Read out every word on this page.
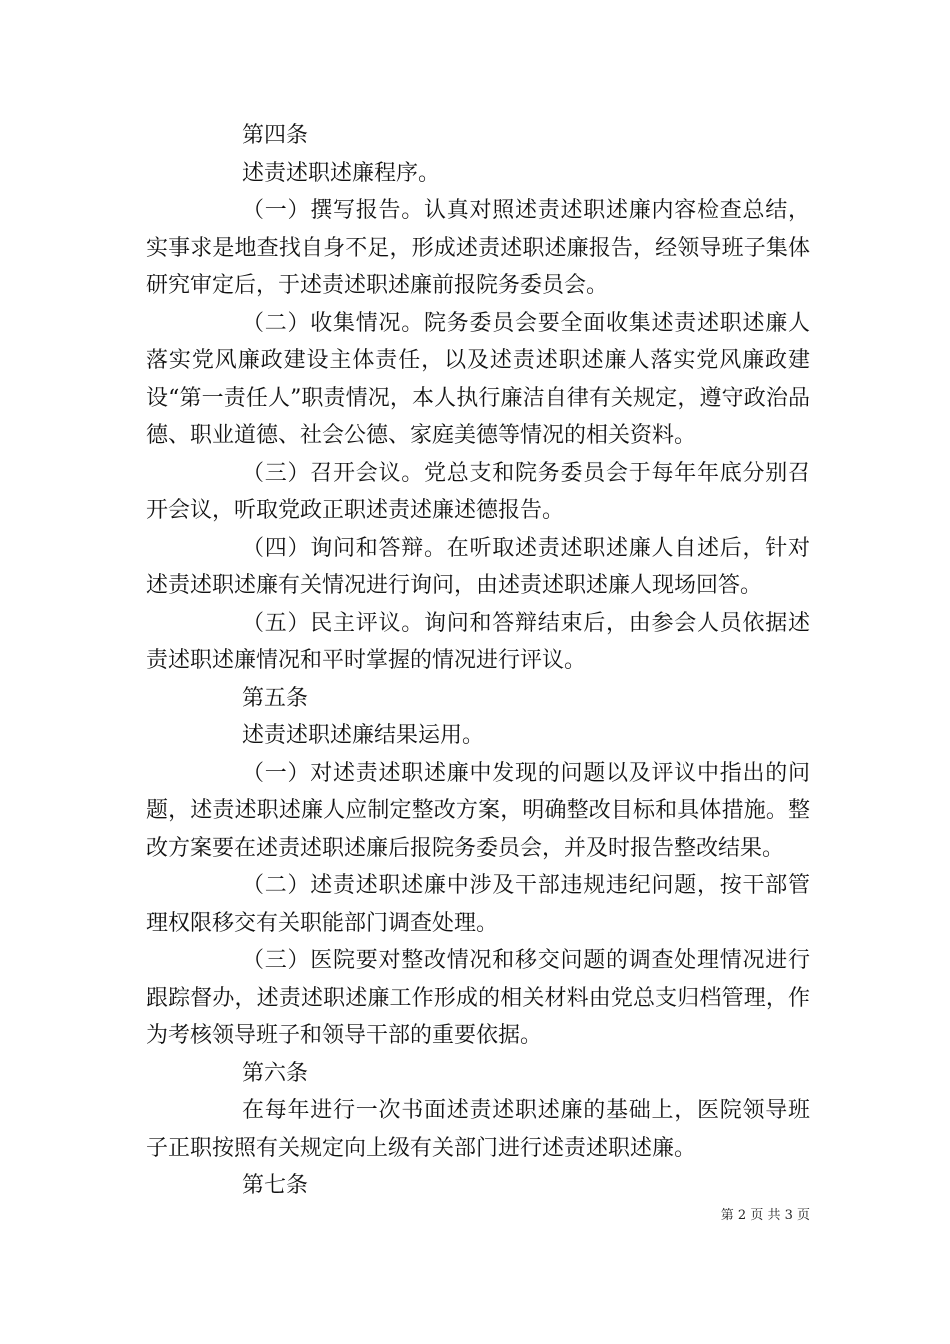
第四条

述责述职述廉程序。

（一）撰写报告。认真对照述责述职述廉内容检查总结，实事求是地查找自身不足，形成述责述职述廉报告，经领导班子集体研究审定后，于述责述职述廉前报院务委员会。

（二）收集情况。院务委员会要全面收集述责述职述廉人落实党风廉政建设主体责任，以及述责述职述廉人落实党风廉政建设“第一责任人”职责情况，本人执行廉洁自律有关规定，遵守政治品德、职业道德、社会公德、家庭美德等情况的相关资料。

（三）召开会议。党总支和院务委员会于每年年底分别召开会议，听取党政正职述责述廉述德报告。

（四）询问和答辩。在听取述责述职述廉人自述后，针对述责述职述廉有关情况进行询问，由述责述职述廉人现场回答。

（五）民主评议。询问和答辩结束后，由参会人员依据述责述职述廉情况和平时掌握的情况进行评议。

第五条

述责述职述廉结果运用。

（一）对述责述职述廉中发现的问题以及评议中指出的问题，述责述职述廉人应制定整改方案，明确整改目标和具体措施。整改方案要在述责述职述廉后报院务委员会，并及时报告整改结果。

（二）述责述职述廉中涉及干部违规违纪问题，按干部管理权限移交有关职能部门调查处理。

（三）医院要对整改情况和移交问题的调查处理情况进行跟踪督办，述责述职述廉工作形成的相关材料由党总支归档管理，作为考核领导班子和领导干部的重要依据。

第六条

在每年进行一次书面述责述职述廉的基础上，医院领导班子正职按照有关规定向上级有关部门进行述责述职述廉。

第七条

第 2 页 共 3 页
